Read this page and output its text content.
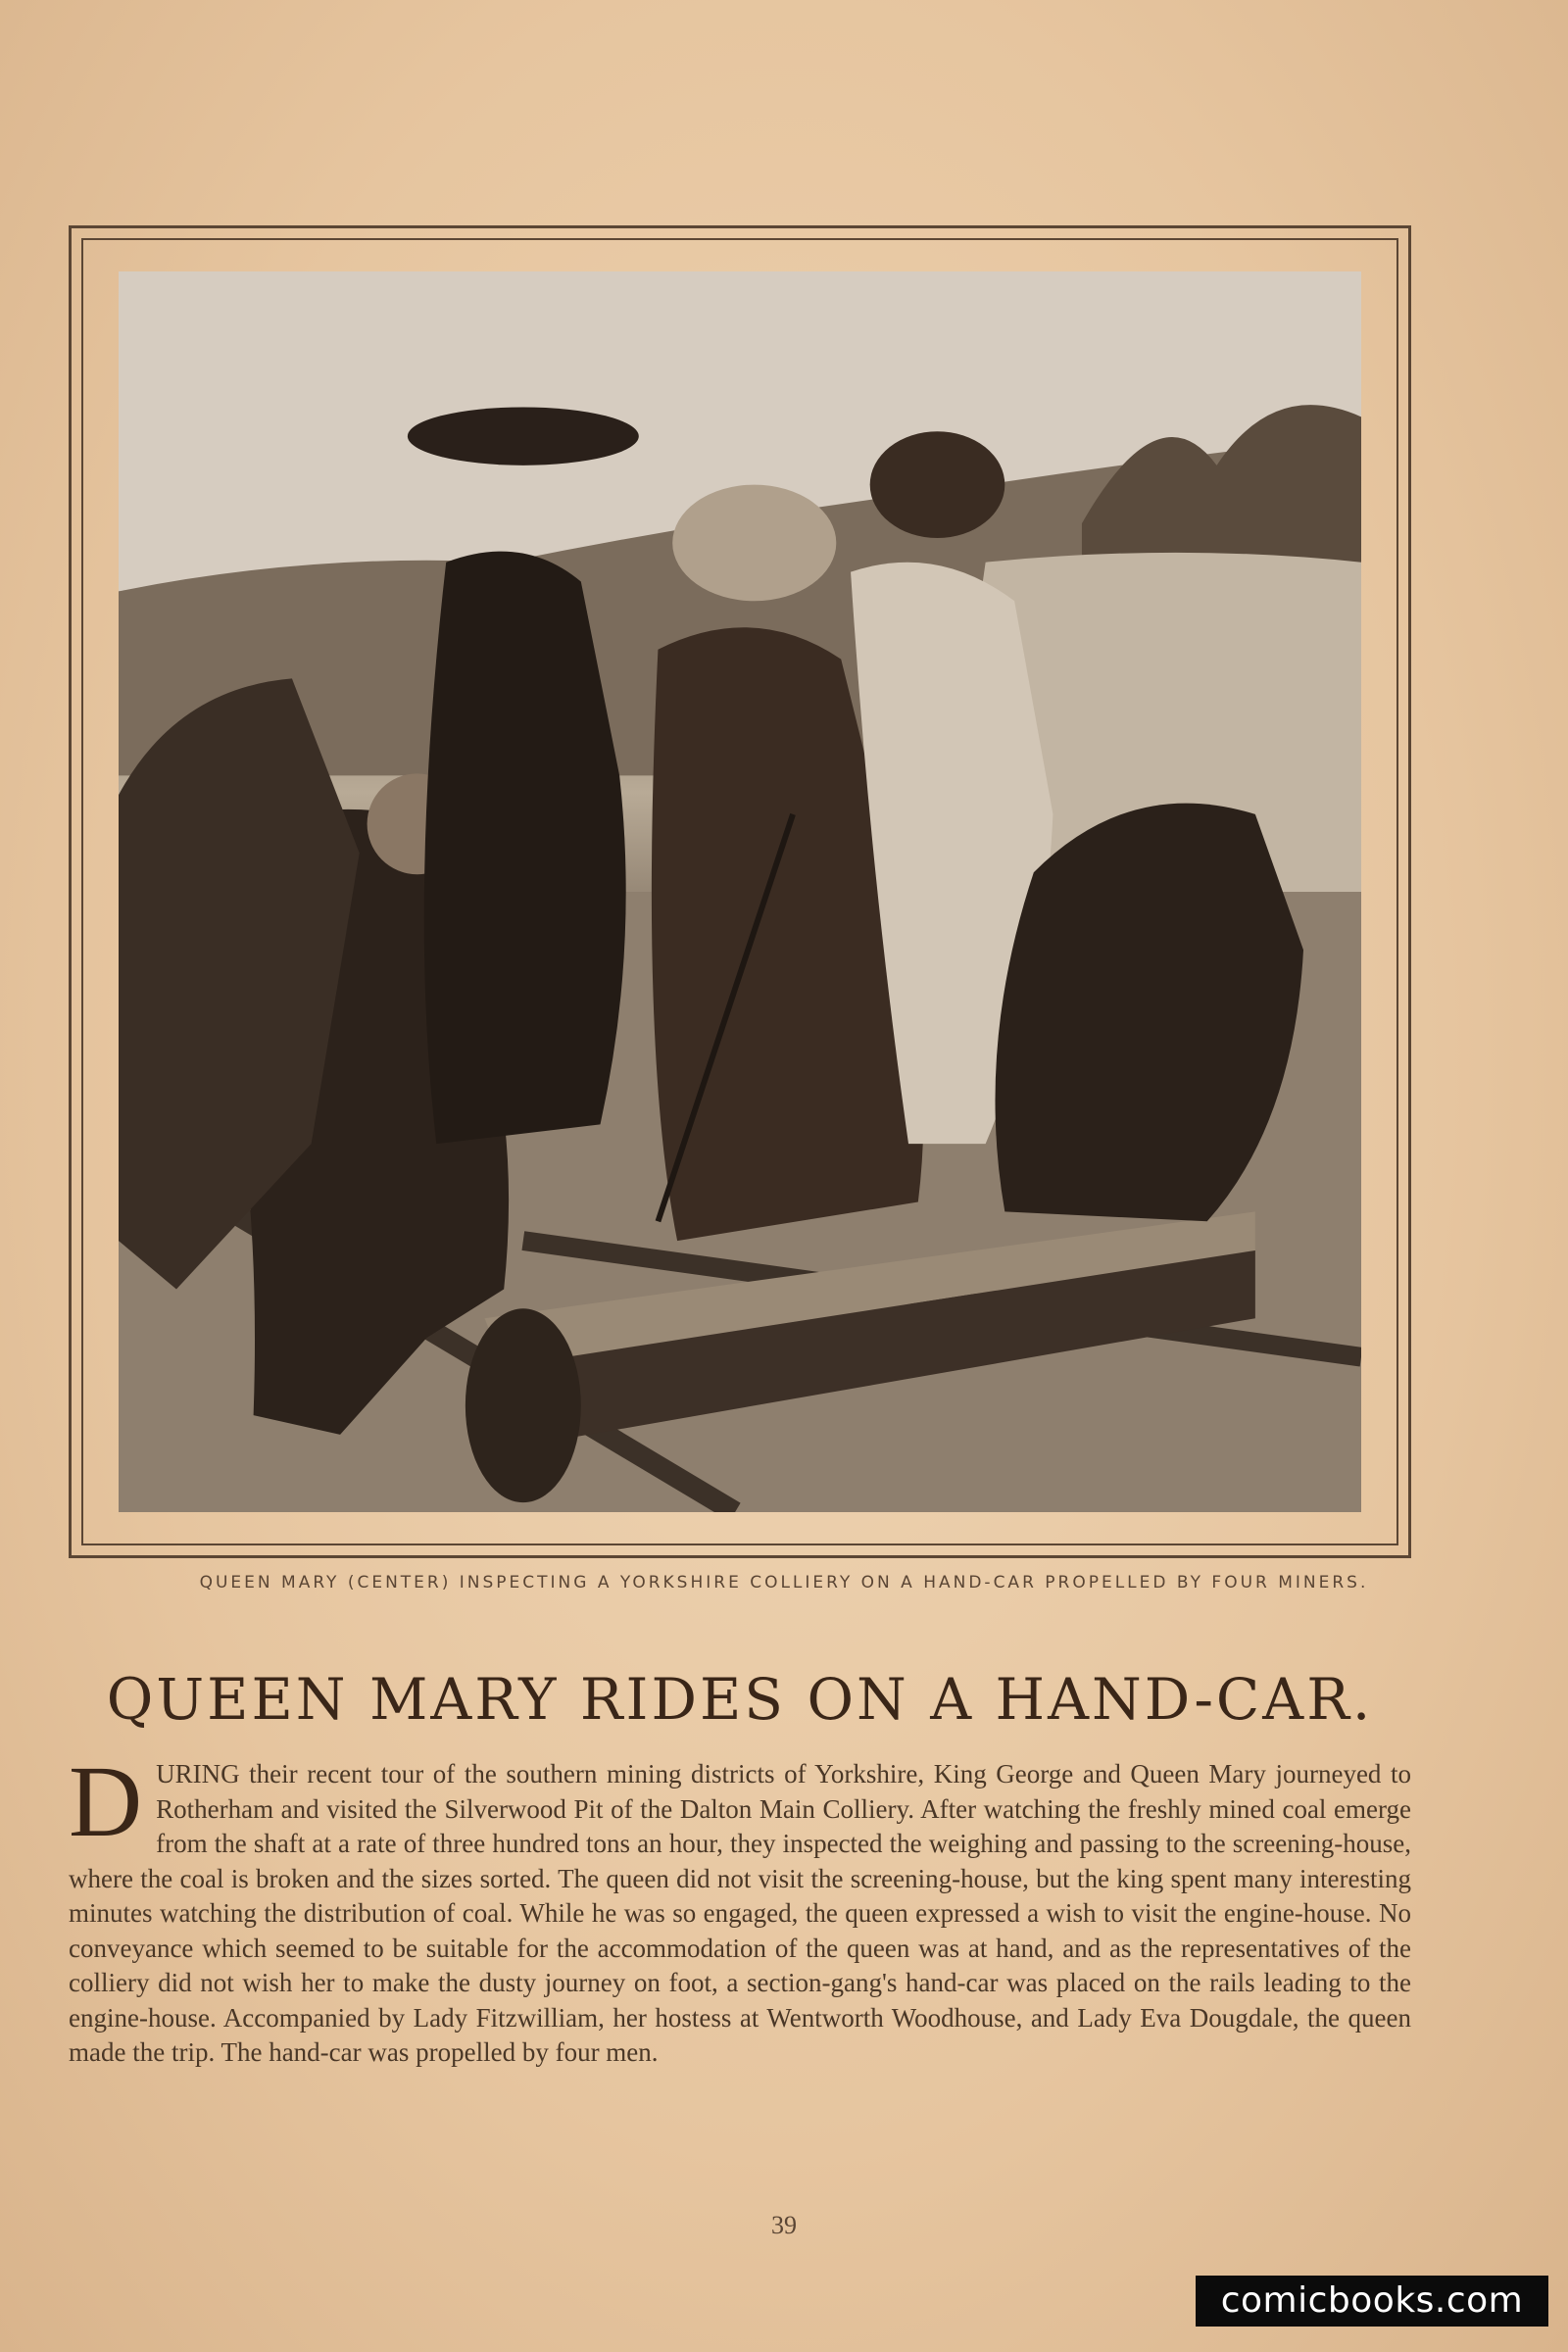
QUEEN MARY (CENTER) INSPECTING A YORKSHIRE COLLIERY ON A HAND-CAR PROPELLED BY FOUR MINERS.
QUEEN MARY RIDES ON A HAND-CAR.

DURING their recent tour of the southern mining districts of Yorkshire, King George and Queen Mary journeyed to Rotherham and visited the Silverwood Pit of the Dalton Main Colliery. After watching the freshly mined coal emerge from the shaft at a rate of three hundred tons an hour, they inspected the weighing and passing to the screening-house, where the coal is broken and the sizes sorted. The queen did not visit the screening-house, but the king spent many interesting minutes watching the distribution of coal. While he was so engaged, the queen expressed a wish to visit the engine-house. No conveyance which seemed to be suitable for the accommodation of the queen was at hand, and as the representatives of the colliery did not wish her to make the dusty journey on foot, a section-gang's hand-car was placed on the rails leading to the engine-house. Accompanied by Lady Fitzwilliam, her hostess at Wentworth Woodhouse, and Lady Eva Dougdale, the queen made the trip. The hand-car was propelled by four men.

39
comicbooks.com
